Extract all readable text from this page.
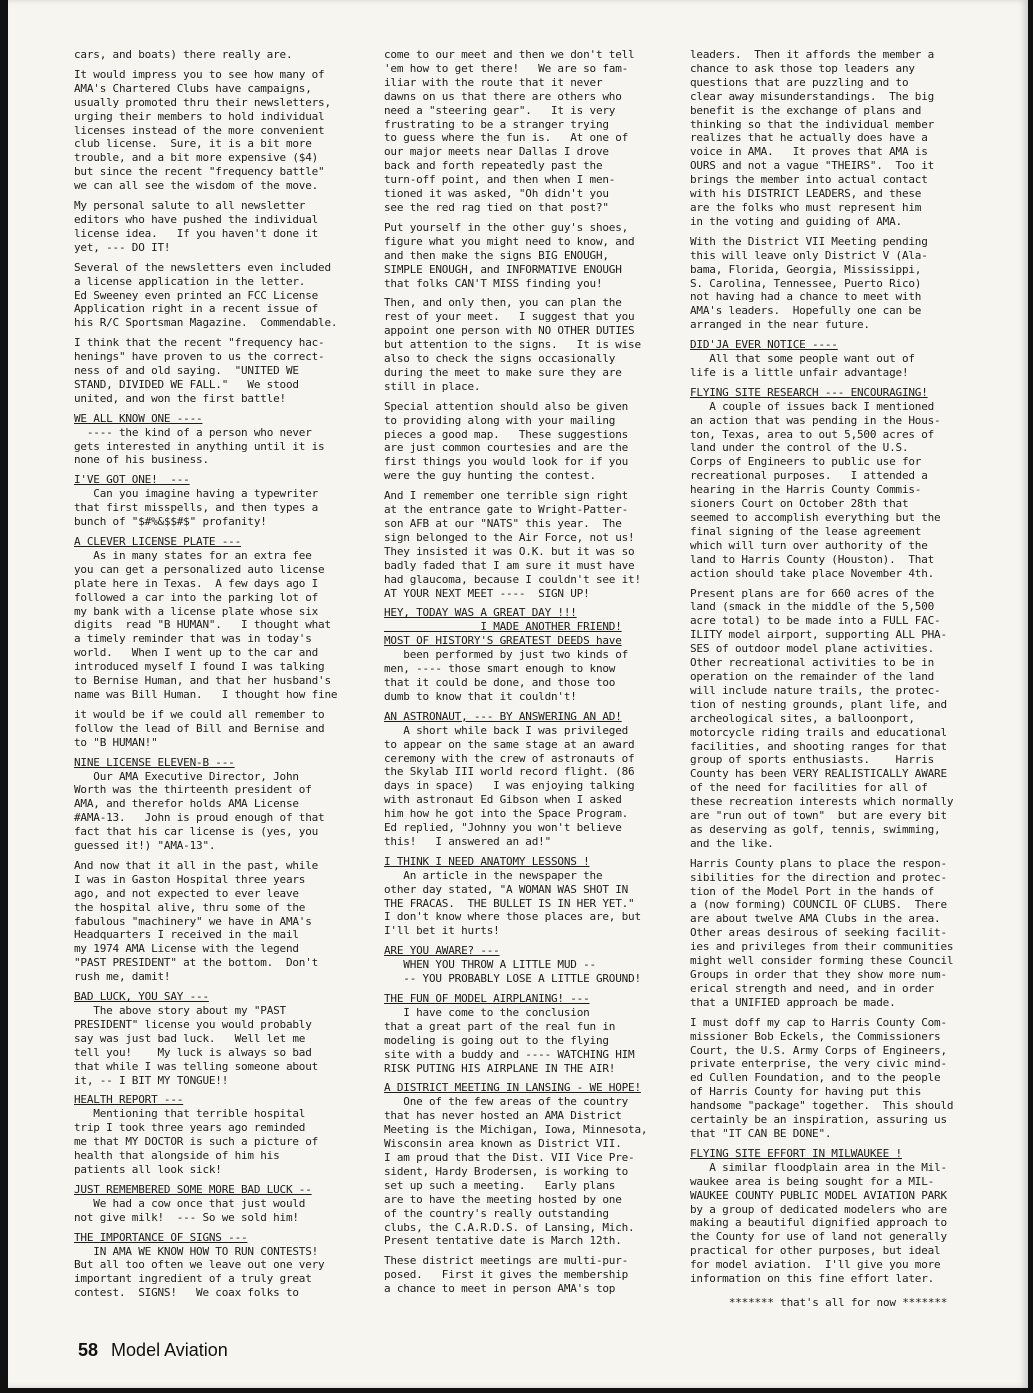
cars, and boats) there really are.

It would impress you to see how many of
AMA's Chartered Clubs have campaigns,
usually promoted thru their newsletters,
urging their members to hold individual
licenses instead of the more convenient
club license.  Sure, it is a bit more
trouble, and a bit more expensive ($4)
but since the recent "frequency battle"
we can all see the wisdom of the move.

My personal salute to all newsletter
editors who have pushed the individual
license idea.   If you haven't done it
yet, --- DO IT!

Several of the newsletters even included
a license application in the letter.
Ed Sweeney even printed an FCC License
Application right in a recent issue of
his R/C Sportsman Magazine.  Commendable.

I think that the recent "frequency hac-
henings" have proven to us the correct-
ness of and old saying.  "UNITED WE
STAND, DIVIDED WE FALL."   We stood
united, and won the first battle!

WE ALL KNOW ONE ----

---- the kind of a person who never
gets interested in anything until it is
none of his business.

I'VE GOT ONE!  ---

Can you imagine having a typewriter
that first misspells, and then types a
bunch of "$#%&$$#$" profanity!

A CLEVER LICENSE PLATE ---

As in many states for an extra fee
you can get a personalized auto license
plate here in Texas.  A few days ago I
followed a car into the parking lot of
my bank with a license plate whose six
digits  read "B HUMAN".   I thought what
a timely reminder that was in today's
world.   When I went up to the car and
introduced myself I found I was talking
to Bernise Human, and that her husband's
name was Bill Human.   I thought how fine

it would be if we could all remember to
follow the lead of Bill and Bernise and
to "B HUMAN!"

NINE LICENSE ELEVEN-B ---

Our AMA Executive Director, John
Worth was the thirteenth president of
AMA, and therefor holds AMA License
#AMA-13.   John is proud enough of that
fact that his car license is (yes, you
guessed it!) "AMA-13".

And now that it all in the past, while
I was in Gaston Hospital three years
ago, and not expected to ever leave
the hospital alive, thru some of the
fabulous "machinery" we have in AMA's
Headquarters I received in the mail
my 1974 AMA License with the legend
"PAST PRESIDENT" at the bottom.  Don't
rush me, damit!

BAD LUCK, YOU SAY ---

The above story about my "PAST
PRESIDENT" license you would probably
say was just bad luck.   Well let me
tell you!    My luck is always so bad
that while I was telling someone about
it, -- I BIT MY TONGUE!!

HEALTH REPORT ---

Mentioning that terrible hospital
trip I took three years ago reminded
me that MY DOCTOR is such a picture of
health that alongside of him his
patients all look sick!

JUST REMEMBERED SOME MORE BAD LUCK --

We had a cow once that just would
not give milk!  --- So we sold him!

THE IMPORTANCE OF SIGNS ---

IN AMA WE KNOW HOW TO RUN CONTESTS!
But all too often we leave out one very
important ingredient of a truly great
contest.  SIGNS!   We coax folks to

come to our meet and then we don't tell
'em how to get there!   We are so fam-
iliar with the route that it never
dawns on us that there are others who
need a "steering gear".   It is very
frustrating to be a stranger trying
to guess where the fun is.   At one of
our major meets near Dallas I drove
back and forth repeatedly past the
turn-off point, and then when I men-
tioned it was asked, "Oh didn't you
see the red rag tied on that post?"

Put yourself in the other guy's shoes,
figure what you might need to know, and
and then make the signs BIG ENOUGH,
SIMPLE ENOUGH, and INFORMATIVE ENOUGH
that folks CAN'T MISS finding you!

Then, and only then, you can plan the
rest of your meet.   I suggest that you
appoint one person with NO OTHER DUTIES
but attention to the signs.   It is wise
also to check the signs occasionally
during the meet to make sure they are
still in place.

Special attention should also be given
to providing along with your mailing
pieces a good map.   These suggestions
are just common courtesies and are the
first things you would look for if you
were the guy hunting the contest.

And I remember one terrible sign right
at the entrance gate to Wright-Patter-
son AFB at our "NATS" this year.  The
sign belonged to the Air Force, not us!
They insisted it was O.K. but it was so
badly faded that I am sure it must have
had glaucoma, because I couldn't see it!
AT YOUR NEXT MEET ----  SIGN UP!

HEY, TODAY WAS A GREAT DAY !!!
I MADE ANOTHER FRIEND!

MOST OF HISTORY'S GREATEST DEEDS have

been performed by just two kinds of
men, ---- those smart enough to know
that it could be done, and those too
dumb to know that it couldn't!

AN ASTRONAUT, --- BY ANSWERING AN AD!

A short while back I was privileged
to appear on the same stage at an award
ceremony with the crew of astronauts of
the Skylab III world record flight. (86
days in space)   I was enjoying talking
with astronaut Ed Gibson when I asked
him how he got into the Space Program.
Ed replied, "Johnny you won't believe
this!   I answered an ad!"

I THINK I NEED ANATOMY LESSONS !

An article in the newspaper the
other day stated, "A WOMAN WAS SHOT IN
THE FRACAS.  THE BULLET IS IN HER YET."
I don't know where those places are, but
I'll bet it hurts!

ARE YOU AWARE? ---

WHEN YOU THROW A LITTLE MUD --
-- YOU PROBABLY LOSE A LITTLE GROUND!

THE FUN OF MODEL AIRPLANING! ---

I have come to the conclusion
that a great part of the real fun in
modeling is going out to the flying
site with a buddy and ---- WATCHING HIM
RISK PUTING HIS AIRPLANE IN THE AIR!

A DISTRICT MEETING IN LANSING - WE HOPE!

One of the few areas of the country
that has never hosted an AMA District
Meeting is the Michigan, Iowa, Minnesota,
Wisconsin area known as District VII.
I am proud that the Dist. VII Vice Pre-
sident, Hardy Brodersen, is working to
set up such a meeting.   Early plans
are to have the meeting hosted by one
of the country's really outstanding
clubs, the C.A.R.D.S. of Lansing, Mich.
Present tentative date is March 12th.

These district meetings are multi-pur-
posed.   First it gives the membership
a chance to meet in person AMA's top

leaders.  Then it affords the member a
chance to ask those top leaders any
questions that are puzzling and to
clear away misunderstandings.  The big
benefit is the exchange of plans and
thinking so that the individual member
realizes that he actually does have a
voice in AMA.   It proves that AMA is
OURS and not a vague "THEIRS".  Too it
brings the member into actual contact
with his DISTRICT LEADERS, and these
are the folks who must represent him
in the voting and guiding of AMA.

With the District VII Meeting pending
this will leave only District V (Ala-
bama, Florida, Georgia, Mississippi,
S. Carolina, Tennessee, Puerto Rico)
not having had a chance to meet with
AMA's leaders.  Hopefully one can be
arranged in the near future.

DID'JA EVER NOTICE ----

All that some people want out of
life is a little unfair advantage!

FLYING SITE RESEARCH --- ENCOURAGING!

A couple of issues back I mentioned
an action that was pending in the Hous-
ton, Texas, area to out 5,500 acres of
land under the control of the U.S.
Corps of Engineers to public use for
recreational purposes.   I attended a
hearing in the Harris County Commis-
sioners Court on October 28th that
seemed to accomplish everything but the
final signing of the lease agreement
which will turn over authority of the
land to Harris County (Houston).  That
action should take place November 4th.

Present plans are for 660 acres of the
land (smack in the middle of the 5,500
acre total) to be made into a FULL FAC-
ILITY model airport, supporting ALL PHA-
SES of outdoor model plane activities.
Other recreational activities to be in
operation on the remainder of the land
will include nature trails, the protec-
tion of nesting grounds, plant life, and
archeological sites, a balloonport,
motorcycle riding trails and educational
facilities, and shooting ranges for that
group of sports enthusiasts.    Harris
County has been VERY REALISTICALLY AWARE
of the need for facilities for all of
these recreation interests which normally
are "run out of town"  but are every bit
as deserving as golf, tennis, swimming,
and the like.

Harris County plans to place the respon-
sibilities for the direction and protec-
tion of the Model Port in the hands of
a (now forming) COUNCIL OF CLUBS.  There
are about twelve AMA Clubs in the area.
Other areas desirous of seeking facilit-
ies and privileges from their communities
might well consider forming these Council
Groups in order that they show more num-
erical strength and need, and in order
that a UNIFIED approach be made.

I must doff my cap to Harris County Com-
missioner Bob Eckels, the Commissioners
Court, the U.S. Army Corps of Engineers,
private enterprise, the very civic mind-
ed Cullen Foundation, and to the people
of Harris County for having put this
handsome "package" together.  This should
certainly be an inspiration, assuring us
that "IT CAN BE DONE".

FLYING SITE EFFORT IN MILWAUKEE !

A similar floodplain area in the Mil-
waukee area is being sought for a MIL-
WAUKEE COUNTY PUBLIC MODEL AVIATION PARK
by a group of dedicated modelers who are
making a beautiful dignified approach to
the County for use of land not generally
practical for other purposes, but ideal
for model aviation.  I'll give you more
information on this fine effort later.

******* that's all for now *******

58 Model Aviation
